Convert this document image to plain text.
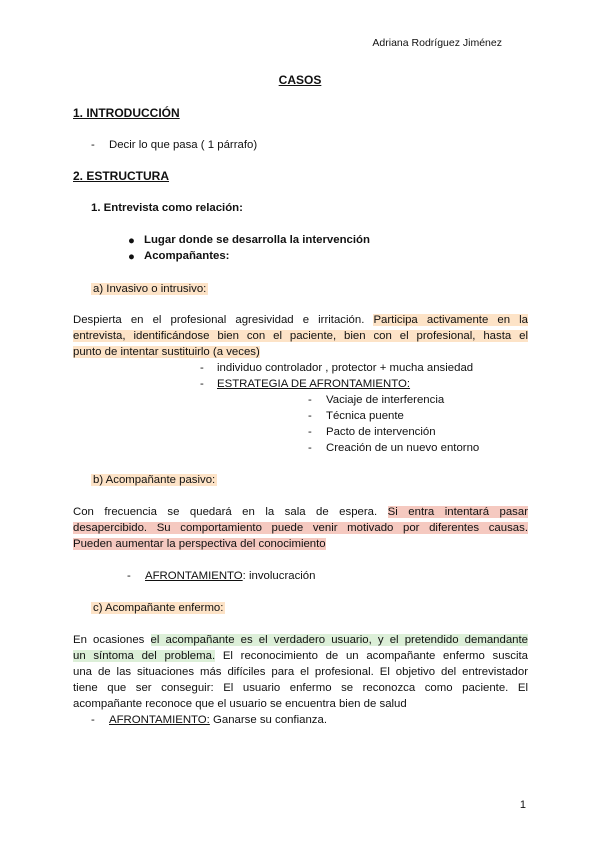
Adriana Rodríguez Jiménez
CASOS
1. INTRODUCCIÓN
- Decir lo que pasa ( 1 párrafo)
2. ESTRUCTURA
1. Entrevista como relación:
● Lugar donde se desarrolla la intervención
● Acompañantes:
a) Invasivo o intrusivo:
Despierta en el profesional agresividad e irritación. Participa activamente en la
entrevista, identificándose bien con el paciente, bien con el profesional, hasta el
punto de intentar sustituirlo (a veces)
- individuo controlador , protector + mucha ansiedad
- ESTRATEGIA DE AFRONTAMIENTO:
- Vaciaje de interferencia
- Técnica puente
- Pacto de intervención
- Creación de un nuevo entorno
b) Acompañante pasivo:
Con frecuencia se quedará en la sala de espera. Si entra intentará pasar
desapercibido. Su comportamiento puede venir motivado por diferentes causas.
Pueden aumentar la perspectiva del conocimiento
- AFRONTAMIENTO: involucración
c) Acompañante enfermo:
En ocasiones el acompañante es el verdadero usuario, y el pretendido demandante
un síntoma del problema. El reconocimiento de un acompañante enfermo suscita
una de las situaciones más difíciles para el profesional. El objetivo del entrevistador
tiene que ser conseguir: El usuario enfermo se reconozca como paciente. El
acompañante reconoce que el usuario se encuentra bien de salud
- AFRONTAMIENTO: Ganarse su confianza.
1
